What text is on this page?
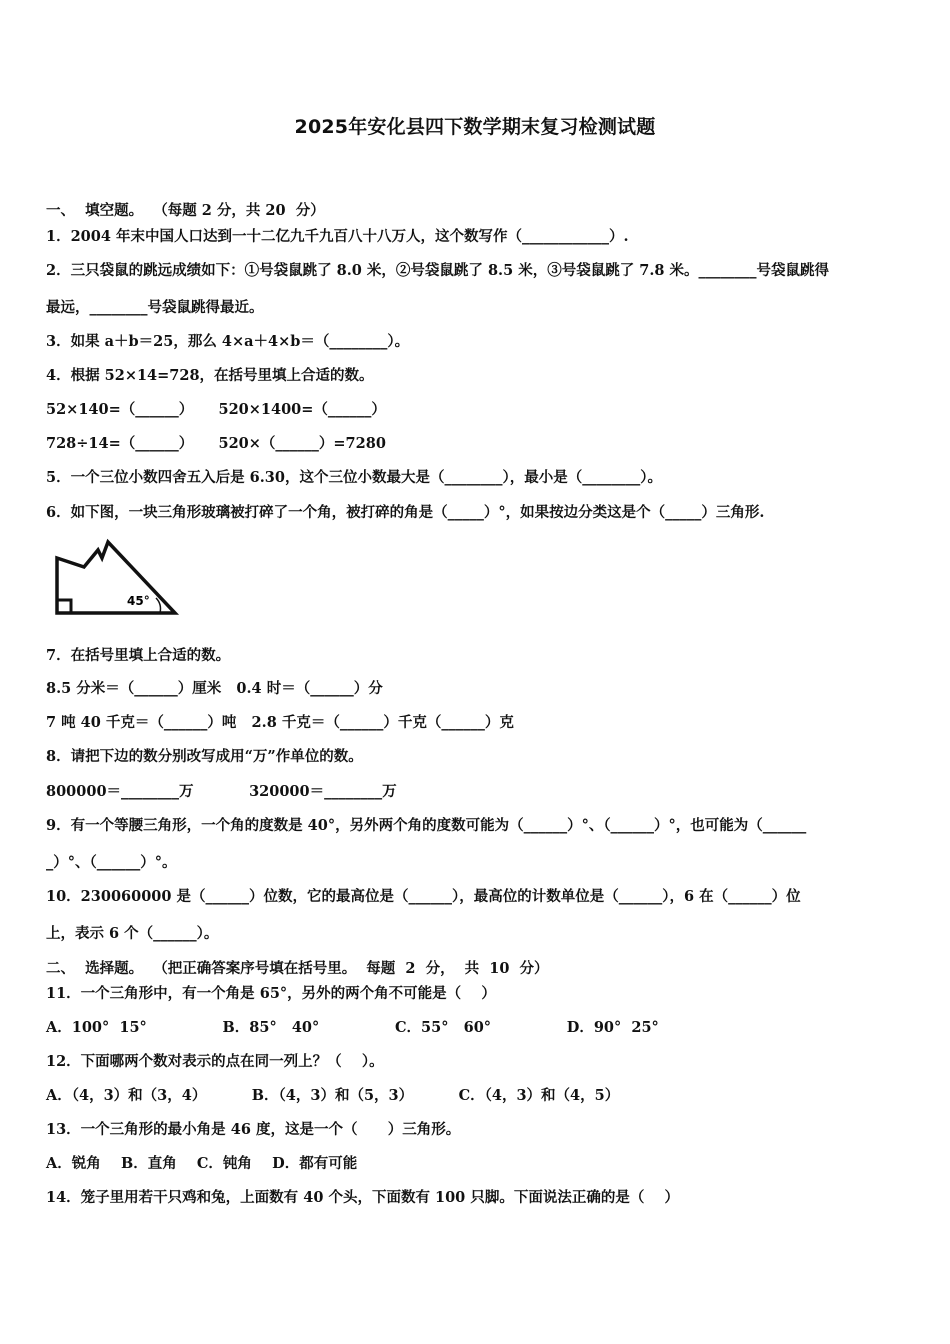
2025年安化县四下数学期末复习检测试题
一、  填空题。  （每题 2 分，共 20  分）
1．2004 年末中国人口达到一十二亿九千九百八十八万人，这个数写作（____________）.
2．三只袋鼠的跳远成绩如下：①号袋鼠跳了 8.0 米，②号袋鼠跳了 8.5 米，③号袋鼠跳了 7.8 米。________号袋鼠跳得
最远，________号袋鼠跳得最近。
3．如果 a＋b＝25，那么 4×a＋4×b＝（________）。
4．根据 52×14=728，在括号里填上合适的数。
52×140=（______）     520×1400=（______）
728÷14=（______）     520×（______）=7280
5．一个三位小数四舍五入后是 6.30，这个三位小数最大是（________），最小是（________）。
6．如下图，一块三角形玻璃被打碎了一个角，被打碎的角是（_____）°，如果按边分类这是个（_____）三角形.
45°
7．在括号里填上合适的数。
8.5 分米＝（______）厘米   0.4 时＝（______）分
7 吨 40 千克＝（______）吨   2.8 千克＝（______）千克（______）克
8．请把下边的数分别改写成用“万”作单位的数。
800000＝________万           320000＝________万
9．有一个等腰三角形，一个角的度数是 40°，另外两个角的度数可能为（______）°、（______）°，也可能为（______
_）°、（______）°。
10．230060000 是（______）位数，它的最高位是（______），最高位的计数单位是（______），6 在（______）位
上，表示 6 个（______）。
二、  选择题。  （把正确答案序号填在括号里。  每题  2  分，  共  10  分）
11．一个三角形中，有一个角是 65°，另外的两个角不可能是（    ）
A．100°  15°               B．85°   40°               C．55°   60°               D．90°  25°
12．下面哪两个数对表示的点在同一列上？（    ）。
A．（4，3）和（3，4）         B．（4，3）和（5，3）         C．（4，3）和（4，5）
13．一个三角形的最小角是 46 度，这是一个（      ）三角形。
A．锐角    B．直角    C．钝角    D．都有可能
14．笼子里用若干只鸡和兔，上面数有 40 个头，下面数有 100 只脚。下面说法正确的是（    ）
